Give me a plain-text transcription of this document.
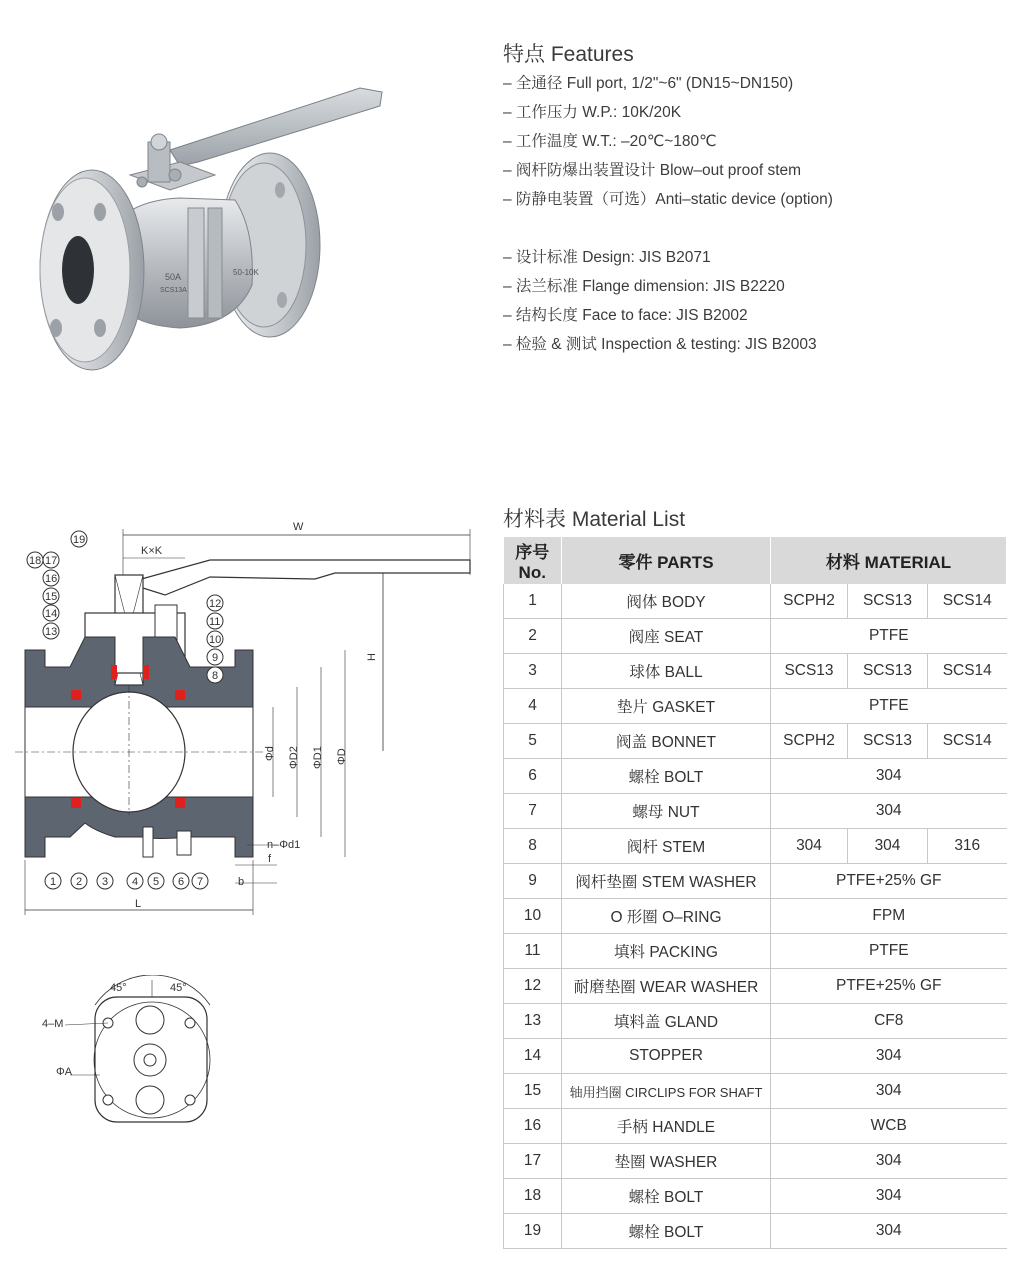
50A
SCS13A
50-10K
特点 Features
– 全通径 Full port, 1/2"~6" (DN15~DN150)
– 工作压力 W.P.: 10K/20K
– 工作温度 W.T.: –20℃~180℃
– 阀杆防爆出装置设计 Blow–out proof stem
– 防静电装置（可选）Anti–static device (option)
– 设计标准 Design: JIS B2071
– 法兰标准 Flange dimension: JIS B2220
– 结构长度 Face to face: JIS B2002
– 检验 & 测试 Inspection & testing: JIS B2003
W
K×K
H
Φd ΦD2 ΦD1 ΦD
n–Φd1
f
b
L
19
18 17
16
15
14
13
12
11
10
9
8
1 2 3 4 5 6 7
45°	45°
4–M
ΦA
材料表 Material List
序号No.	零件 PARTS	材料 MATERIAL		
1	阀体 BODY	SCPH2	SCS13	SCS14
2	阀座 SEAT	PTFE		
3	球体 BALL	SCS13	SCS13	SCS14
4	垫片 GASKET	PTFE		
5	阀盖 BONNET	SCPH2	SCS13	SCS14
6	螺栓 BOLT	304		
7	螺母 NUT	304		
8	阀杆 STEM	304	304	316
9	阀杆垫圈 STEM WASHER	PTFE+25% GF		
10	O 形圈 O–RING	FPM		
11	填料 PACKING	PTFE		
12	耐磨垫圈 WEAR WASHER	PTFE+25% GF		
13	填料盖 GLAND	CF8		
14	STOPPER	304		
15	轴用挡圈 CIRCLIPS FOR SHAFT	304		
16	手柄 HANDLE	WCB		
17	垫圈 WASHER	304		
18	螺栓 BOLT	304		
19	螺栓 BOLT	304		
